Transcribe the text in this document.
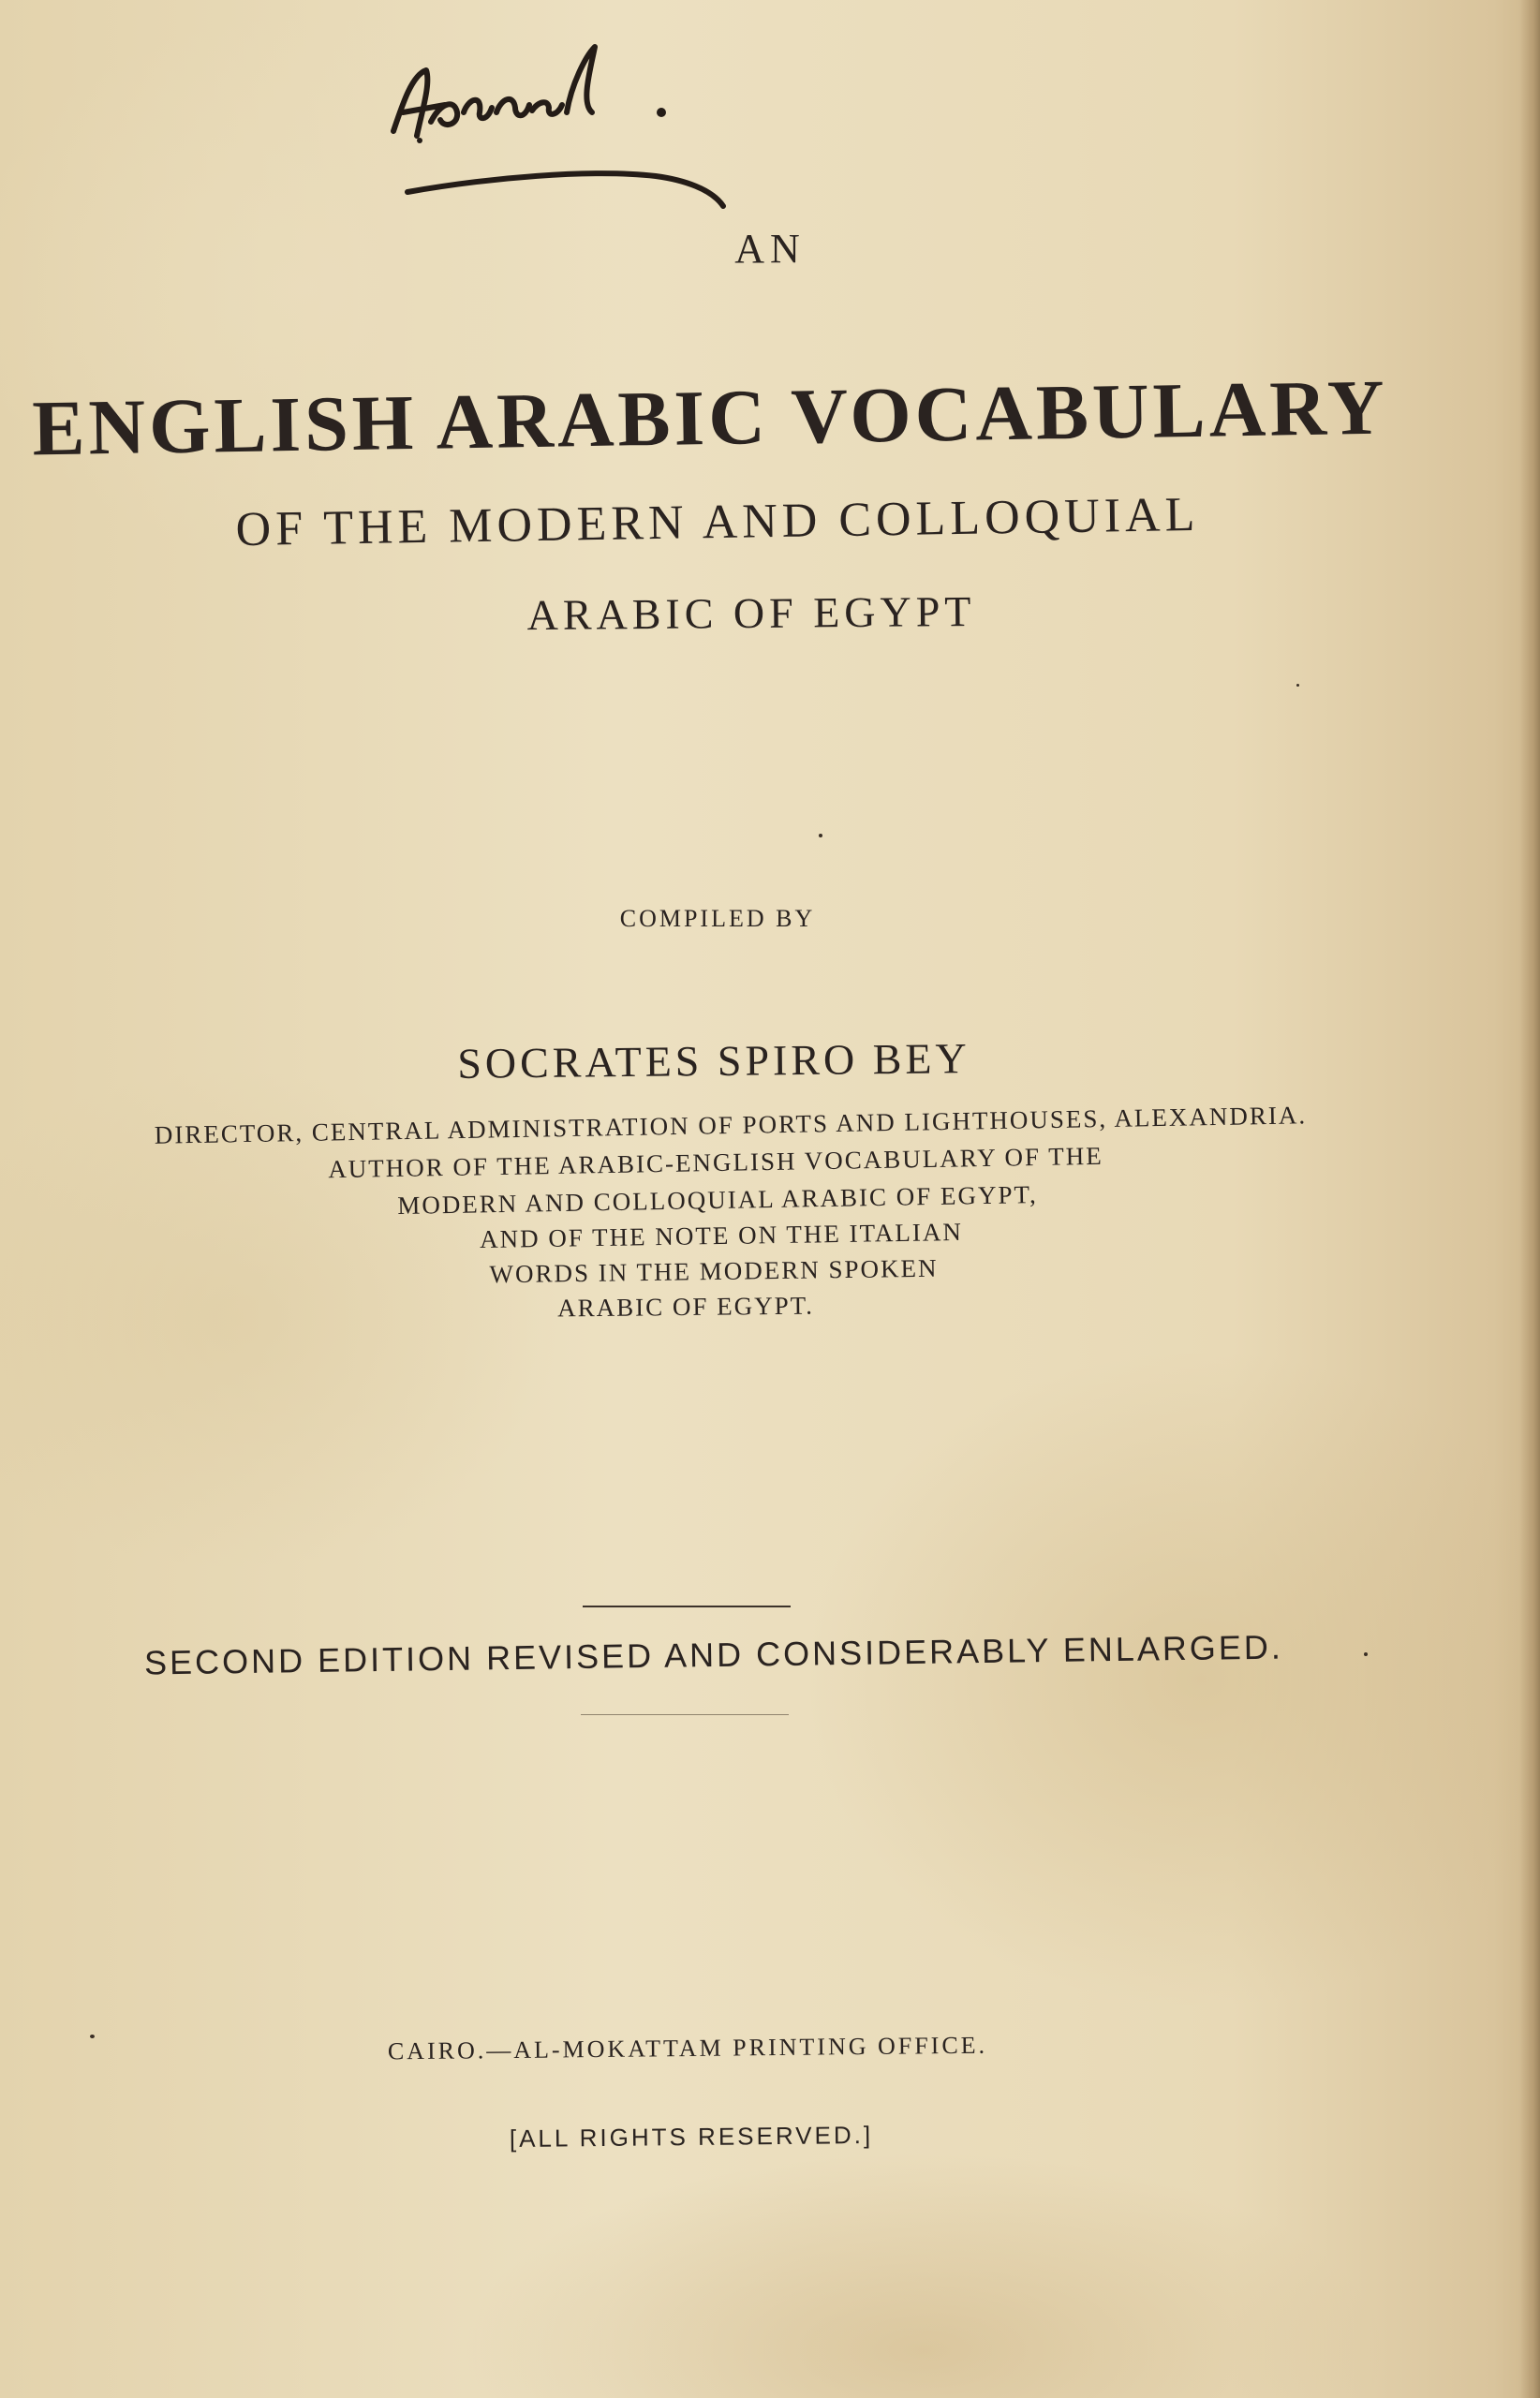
AN

ENGLISH ARABIC VOCABULARY

OF THE MODERN AND COLLOQUIAL

ARABIC OF EGYPT

COMPILED BY

SOCRATES SPIRO BEY

DIRECTOR, CENTRAL ADMINISTRATION OF PORTS AND LIGHTHOUSES, ALEXANDRIA.

AUTHOR OF THE ARABIC-ENGLISH VOCABULARY OF THE

MODERN AND COLLOQUIAL ARABIC OF EGYPT,

AND OF THE NOTE ON THE ITALIAN

WORDS IN THE MODERN SPOKEN

ARABIC OF EGYPT.

SECOND EDITION REVISED AND CONSIDERABLY ENLARGED.

CAIRO.—AL-MOKATTAM PRINTING OFFICE.

[ALL RIGHTS RESERVED.]
